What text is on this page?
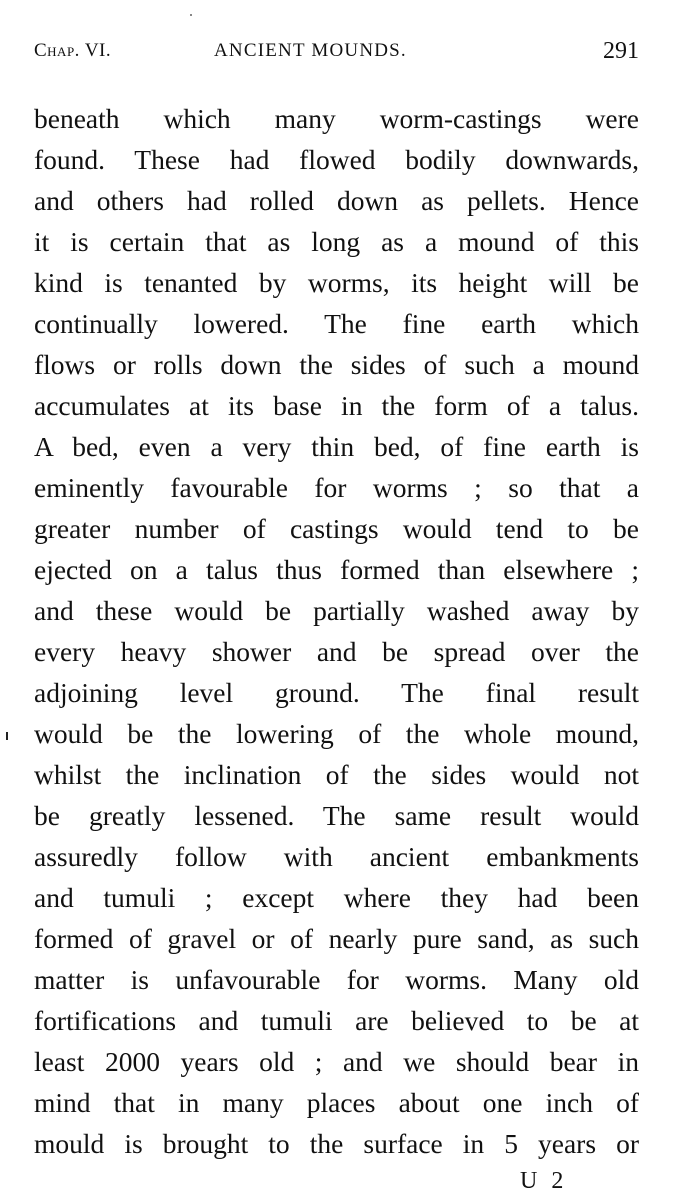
Chap. VI.	ANCIENT MOUNDS.	291
beneath which many worm-castings were
found. These had flowed bodily downwards,
and others had rolled down as pellets. Hence
it is certain that as long as a mound of this
kind is tenanted by worms, its height will be
continually lowered. The fine earth which
flows or rolls down the sides of such a mound
accumulates at its base in the form of a talus.
A bed, even a very thin bed, of fine earth is
eminently favourable for worms ; so that a
greater number of castings would tend to be
ejected on a talus thus formed than elsewhere ;
and these would be partially washed away by
every heavy shower and be spread over the
adjoining level ground. The final result
would be the lowering of the whole mound,
whilst the inclination of the sides would not
be greatly lessened. The same result would
assuredly follow with ancient embankments
and tumuli ; except where they had been
formed of gravel or of nearly pure sand, as such
matter is unfavourable for worms. Many old
fortifications and tumuli are believed to be at
least 2000 years old ; and we should bear in
mind that in many places about one inch of
mould is brought to the surface in 5 years or
U 2
